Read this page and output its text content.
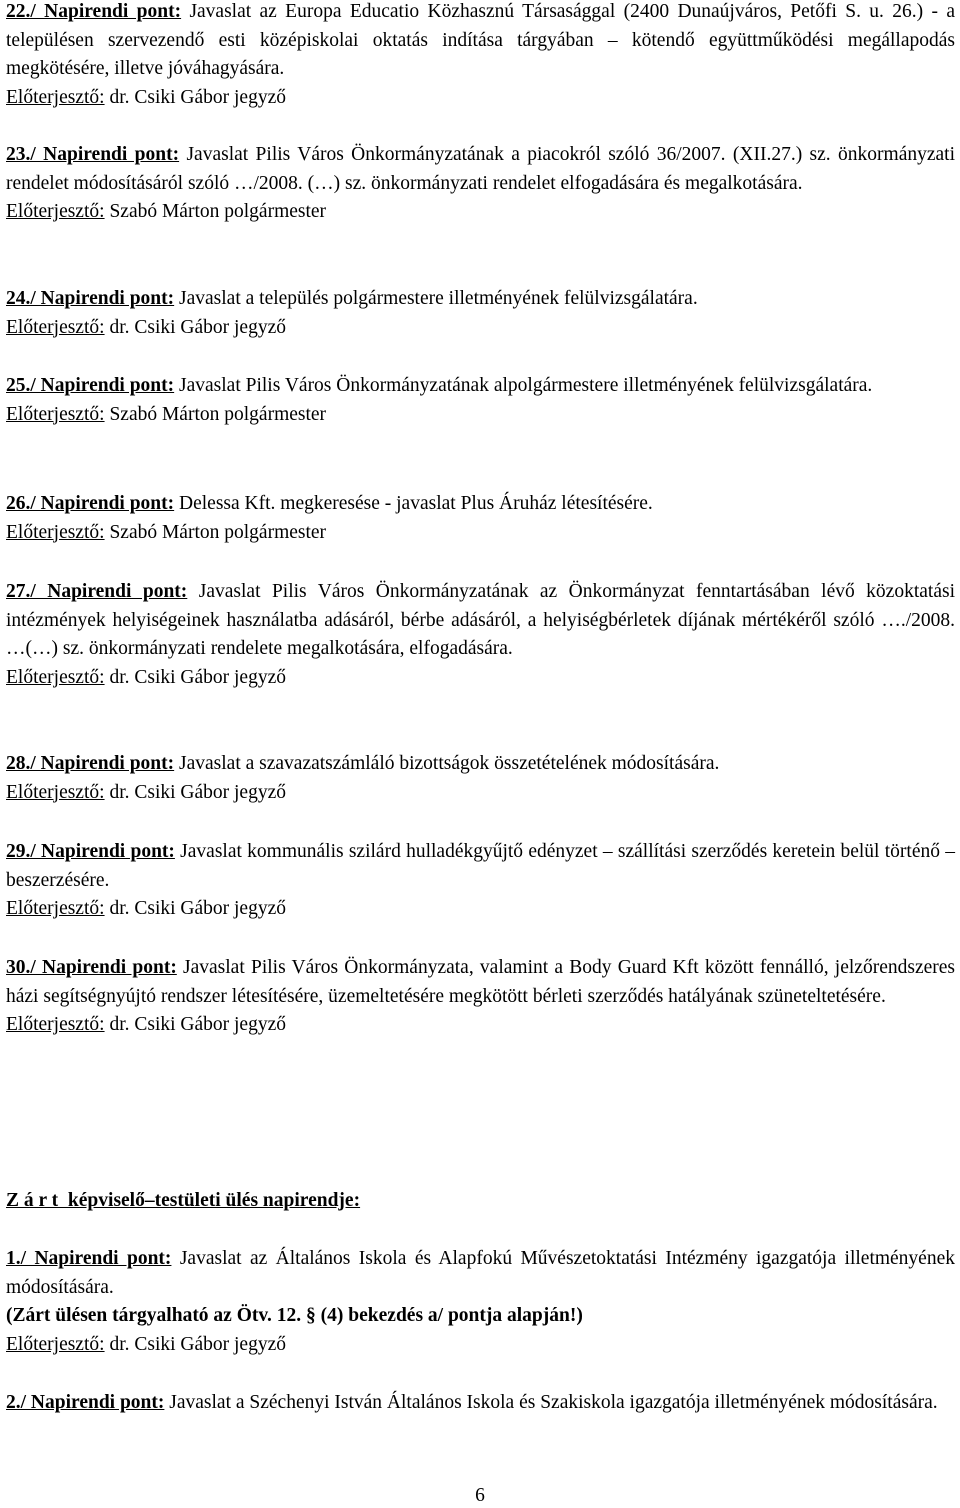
22./ Napirendi pont: Javaslat az Europa Educatio Közhasznú Társasággal (2400 Dunaújváros, Petőfi S. u. 26.) - a településen szervezendő esti középiskolai oktatás indítása tárgyában – kötendő együttműködési megállapodás megkötésére, illetve jóváhagyására.

Előterjesztő: dr. Csiki Gábor jegyző

23./ Napirendi pont: Javaslat Pilis Város Önkormányzatának a piacokról szóló 36/2007. (XII.27.) sz. önkormányzati rendelet módosításáról szóló …/2008. (…) sz. önkormányzati rendelet elfogadására és megalkotására.

Előterjesztő: Szabó Márton polgármester

24./ Napirendi pont: Javaslat a település polgármestere illetményének felülvizsgálatára.

Előterjesztő: dr. Csiki Gábor jegyző

25./ Napirendi pont: Javaslat Pilis Város Önkormányzatának alpolgármestere illetményének felülvizsgálatára.

Előterjesztő: Szabó Márton polgármester

26./ Napirendi pont: Delessa Kft. megkeresése - javaslat Plus Áruház létesítésére.

Előterjesztő: Szabó Márton polgármester

27./ Napirendi pont: Javaslat Pilis Város Önkormányzatának az Önkormányzat fenntartásában lévő közoktatási intézmények helyiségeinek használatba adásáról, bérbe adásáról, a helyiségbérletek díjának mértékéről szóló …./2008. …(…) sz. önkormányzati rendelete megalkotására, elfogadására.

Előterjesztő: dr. Csiki Gábor jegyző

28./ Napirendi pont: Javaslat a szavazatszámláló bizottságok összetételének módosítására.

Előterjesztő: dr. Csiki Gábor jegyző

29./ Napirendi pont: Javaslat kommunális szilárd hulladékgyűjtő edényzet – szállítási szerződés keretein belül történő – beszerzésére.

Előterjesztő: dr. Csiki Gábor jegyző

30./ Napirendi pont: Javaslat Pilis Város Önkormányzata, valamint a Body Guard Kft között fennálló, jelzőrendszeres házi segítségnyújtó rendszer létesítésére, üzemeltetésére megkötött bérleti szerződés hatályának szüneteltetésére.

Előterjesztő: dr. Csiki Gábor jegyző

Z á r t  képviselő–testületi ülés napirendje:

1./ Napirendi pont: Javaslat az Általános Iskola és Alapfokú Művészetoktatási Intézmény igazgatója illetményének módosítására.

(Zárt ülésen tárgyalható az Ötv. 12. § (4) bekezdés a/ pontja alapján!)

Előterjesztő: dr. Csiki Gábor jegyző

2./ Napirendi pont: Javaslat a Széchenyi István Általános Iskola és Szakiskola igazgatója illetményének módosítására.

6
